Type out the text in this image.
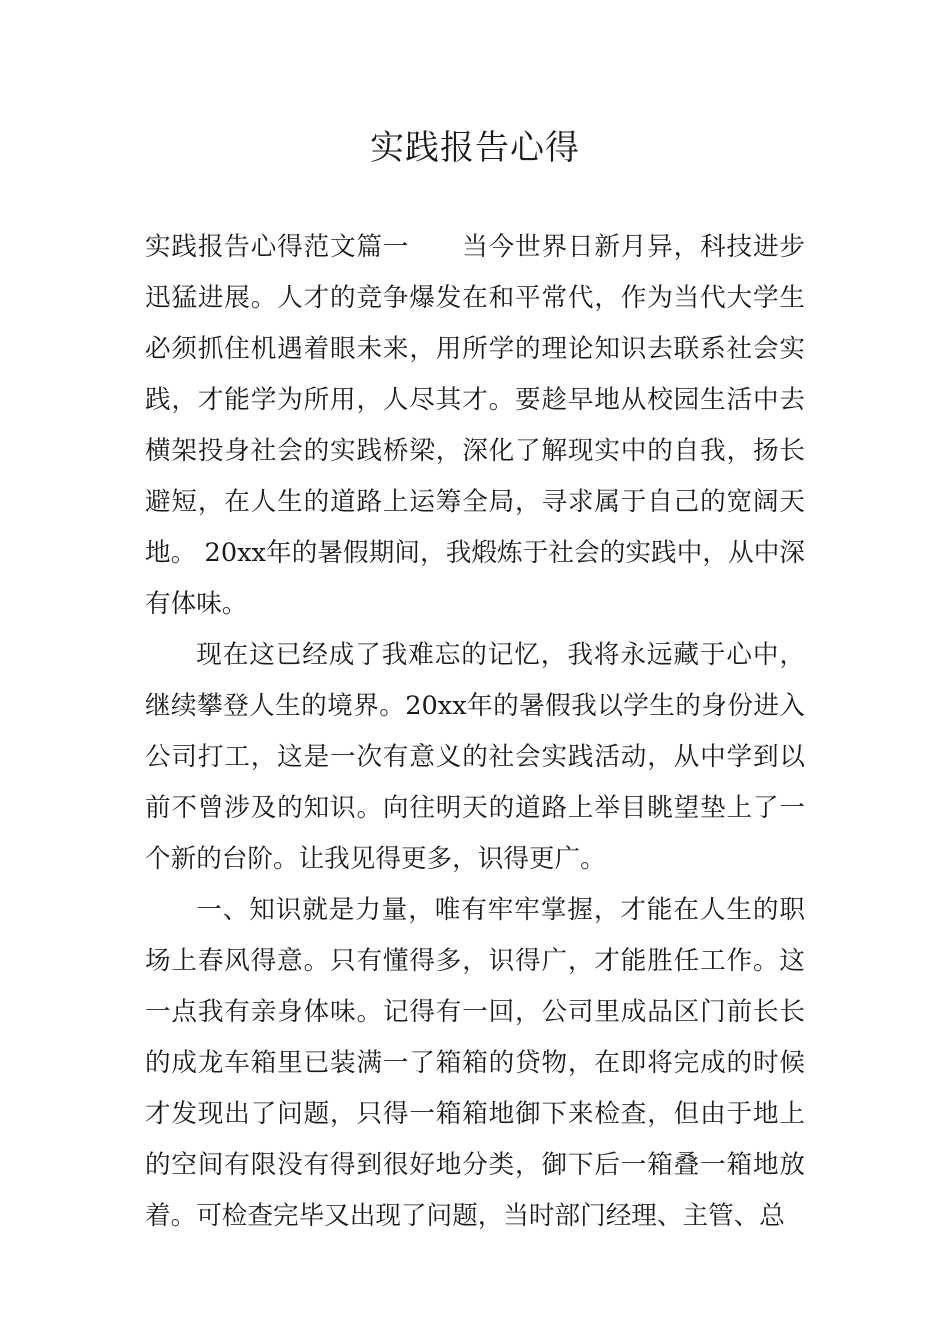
实践报告心得

实践报告心得范文篇一　　当今世界日新月异，科技进步迅猛进展。人才的竞争爆发在和平常代，作为当代大学生必须抓住机遇着眼未来，用所学的理论知识去联系社会实践，才能学为所用，人尽其才。要趁早地从校园生活中去横架投身社会的实践桥梁，深化了解现实中的自我，扬长避短，在人生的道路上运筹全局，寻求属于自己的宽阔天地。 20xx年的暑假期间，我煅炼于社会的实践中，从中深有体味。

现在这已经成了我难忘的记忆，我将永远藏于心中，继续攀登人生的境界。20xx年的暑假我以学生的身份进入公司打工，这是一次有意义的社会实践活动，从中学到以前不曾涉及的知识。向往明天的道路上举目眺望垫上了一个新的台阶。让我见得更多，识得更广。

一、知识就是力量，唯有牢牢掌握，才能在人生的职场上春风得意。只有懂得多，识得广，才能胜任工作。这一点我有亲身体味。记得有一回，公司里成品区门前长长的成龙车箱里已装满一了箱箱的贷物，在即将完成的时候才发现出了问题，只得一箱箱地御下来检查，但由于地上的空间有限没有得到很好地分类，御下后一箱叠一箱地放着。可检查完毕又出现了问题，当时部门经理、主管、总
